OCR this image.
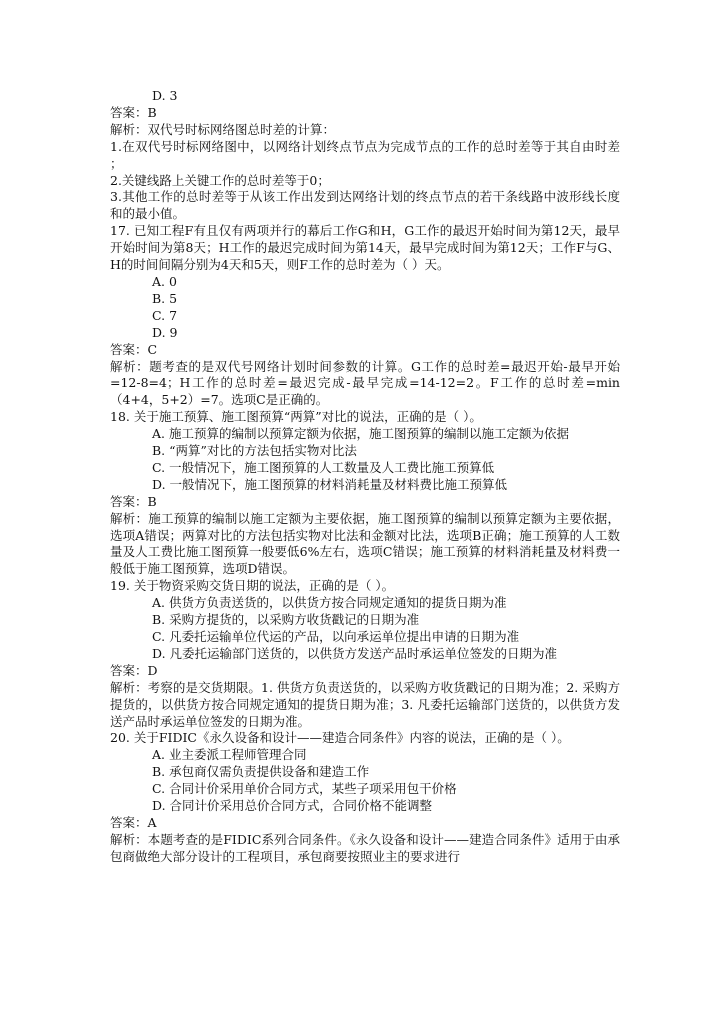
D. 3

答案：B

解析：双代号时标网络图总时差的计算：

1.在双代号时标网络图中，以网络计划终点节点为完成节点的工作的总时差等于其自由时差 ；

2.关键线路上关键工作的总时差等于0；

3.其他工作的总时差等于从该工作出发到达网络计划的终点节点的若干条线路中波形线长度和的最小值。

17. 已知工程F有且仅有两项并行的幕后工作G和H，G工作的最迟开始时间为第12天，最早开始时间为第8天；H工作的最迟完成时间为第14天，最早完成时间为第12天；工作F与G、H的时间间隔分别为4天和5天，则F工作的总时差为（ ）天。

A. 0

B. 5

C. 7

D. 9

答案：C

解析：题考查的是双代号网络计划时间参数的计算。G工作的总时差=最迟开始-最早开始=12-8=4；H工作的总时差=最迟完成-最早完成=14-12=2。F工作的总时差=min（4+4，5+2）=7。选项C是正确的。

18. 关于施工预算、施工图预算“两算”对比的说法，正确的是（ ）。

A. 施工预算的编制以预算定额为依据，施工图预算的编制以施工定额为依据

B. “两算”对比的方法包括实物对比法

C. 一般情况下，施工图预算的人工数量及人工费比施工预算低

D. 一般情况下，施工图预算的材料消耗量及材料费比施工预算低

答案：B

解析：施工预算的编制以施工定额为主要依据，施工图预算的编制以预算定额为主要依据，选项A错误；两算对比的方法包括实物对比法和金额对比法，选项B正确；施工预算的人工数量及人工费比施工图预算一般要低6%左右，选项C错误；施工预算的材料消耗量及材料费一般低于施工图预算，选项D错误。

19. 关于物资采购交货日期的说法，正确的是（ ）。

A. 供货方负责送货的，以供货方按合同规定通知的提货日期为准

B. 采购方提货的，以采购方收货戳记的日期为准

C. 凡委托运输单位代运的产品，以向承运单位提出申请的日期为准

D. 凡委托运输部门送货的，以供货方发送产品时承运单位签发的日期为准

答案：D

解析：考察的是交货期限。1. 供货方负责送货的，以采购方收货戳记的日期为准；2. 采购方提货的，以供货方按合同规定通知的提货日期为准；3. 凡委托运输部门送货的，以供货方发送产品时承运单位签发的日期为准。

20. 关于FIDIC《永久设备和设计——建造合同条件》内容的说法，正确的是（ ）。

A. 业主委派工程师管理合同

B. 承包商仅需负责提供设备和建造工作

C. 合同计价采用单价合同方式，某些子项采用包干价格

D. 合同计价采用总价合同方式，合同价格不能调整

答案：A

解析：本题考查的是FIDIC系列合同条件。《永久设备和设计——建造合同条件》适用于由承包商做绝大部分设计的工程项目，承包商要按照业主的要求进行
